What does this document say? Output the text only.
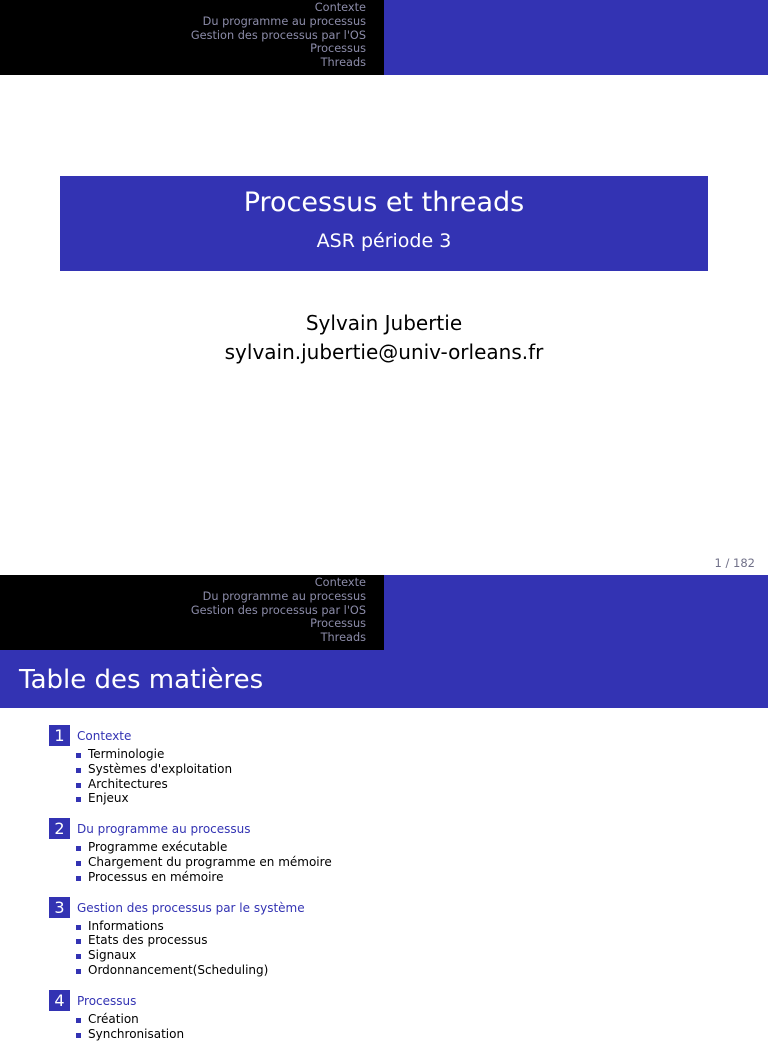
Contexte
Du programme au processus
Gestion des processus par l'OS
Processus
Threads
Processus et threads
ASR période 3
Sylvain Jubertie
sylvain.jubertie@univ-orleans.fr
1 / 182
Contexte
Du programme au processus
Gestion des processus par l'OS
Processus
Threads
Table des matières
1	Contexte
Terminologie
Systèmes d'exploitation
Architectures
Enjeux
2	Du programme au processus
Programme exécutable
Chargement du programme en mémoire
Processus en mémoire
3	Gestion des processus par le système
Informations
Etats des processus
Signaux
Ordonnancement(Scheduling)
4	Processus
Création
Synchronisation
